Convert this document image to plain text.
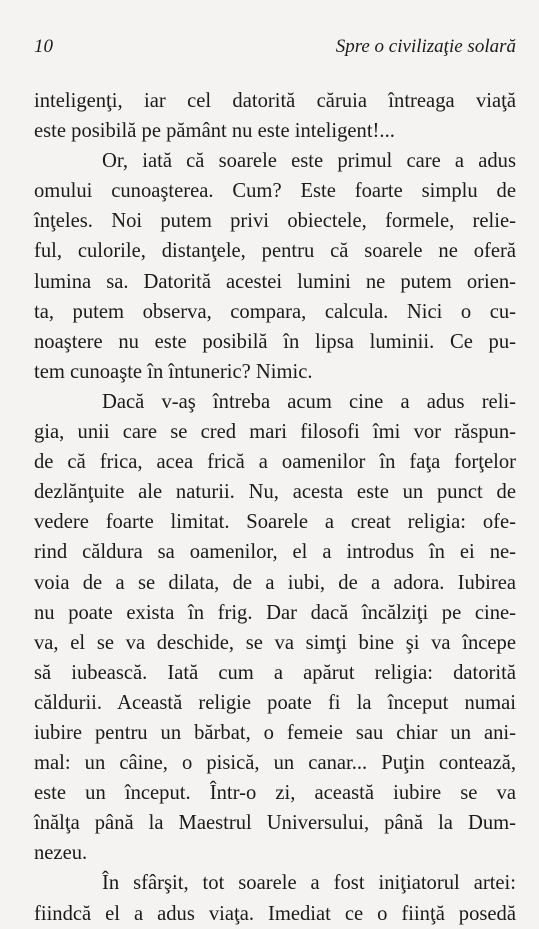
10	Spre o civilizaţie solară
inteligenţi, iar cel datorită căruia întreaga viaţă
este posibilă pe pământ nu este inteligent!...
Or, iată că soarele este primul care a adus
omului cunoaşterea. Cum? Este foarte simplu de
înţeles. Noi putem privi obiectele, formele, relie-
ful, culorile, distanţele, pentru că soarele ne oferă
lumina sa. Datorită acestei lumini ne putem orien-
ta, putem observa, compara, calcula. Nici o cu-
noaştere nu este posibilă în lipsa luminii. Ce pu-
tem cunoaşte în întuneric? Nimic.
Dacă v-aş întreba acum cine a adus reli-
gia, unii care se cred mari filosofi îmi vor răspun-
de că frica, acea frică a oamenilor în faţa forţelor
dezlănţuite ale naturii. Nu, acesta este un punct de
vedere foarte limitat. Soarele a creat religia: ofe-
rind căldura sa oamenilor, el a introdus în ei ne-
voia de a se dilata, de a iubi, de a adora. Iubirea
nu poate exista în frig. Dar dacă încălziţi pe cine-
va, el se va deschide, se va simţi bine şi va începe
să iubească. Iată cum a apărut religia: datorită
căldurii. Această religie poate fi la început numai
iubire pentru un bărbat, o femeie sau chiar un ani-
mal: un câine, o pisică, un canar... Puţin contează,
este un început. Într-o zi, această iubire se va
înălţa până la Maestrul Universului, până la Dum-
nezeu.
În sfârşit, tot soarele a fost iniţiatorul artei:
fiindcă el a adus viaţa. Imediat ce o fiinţă posedă
